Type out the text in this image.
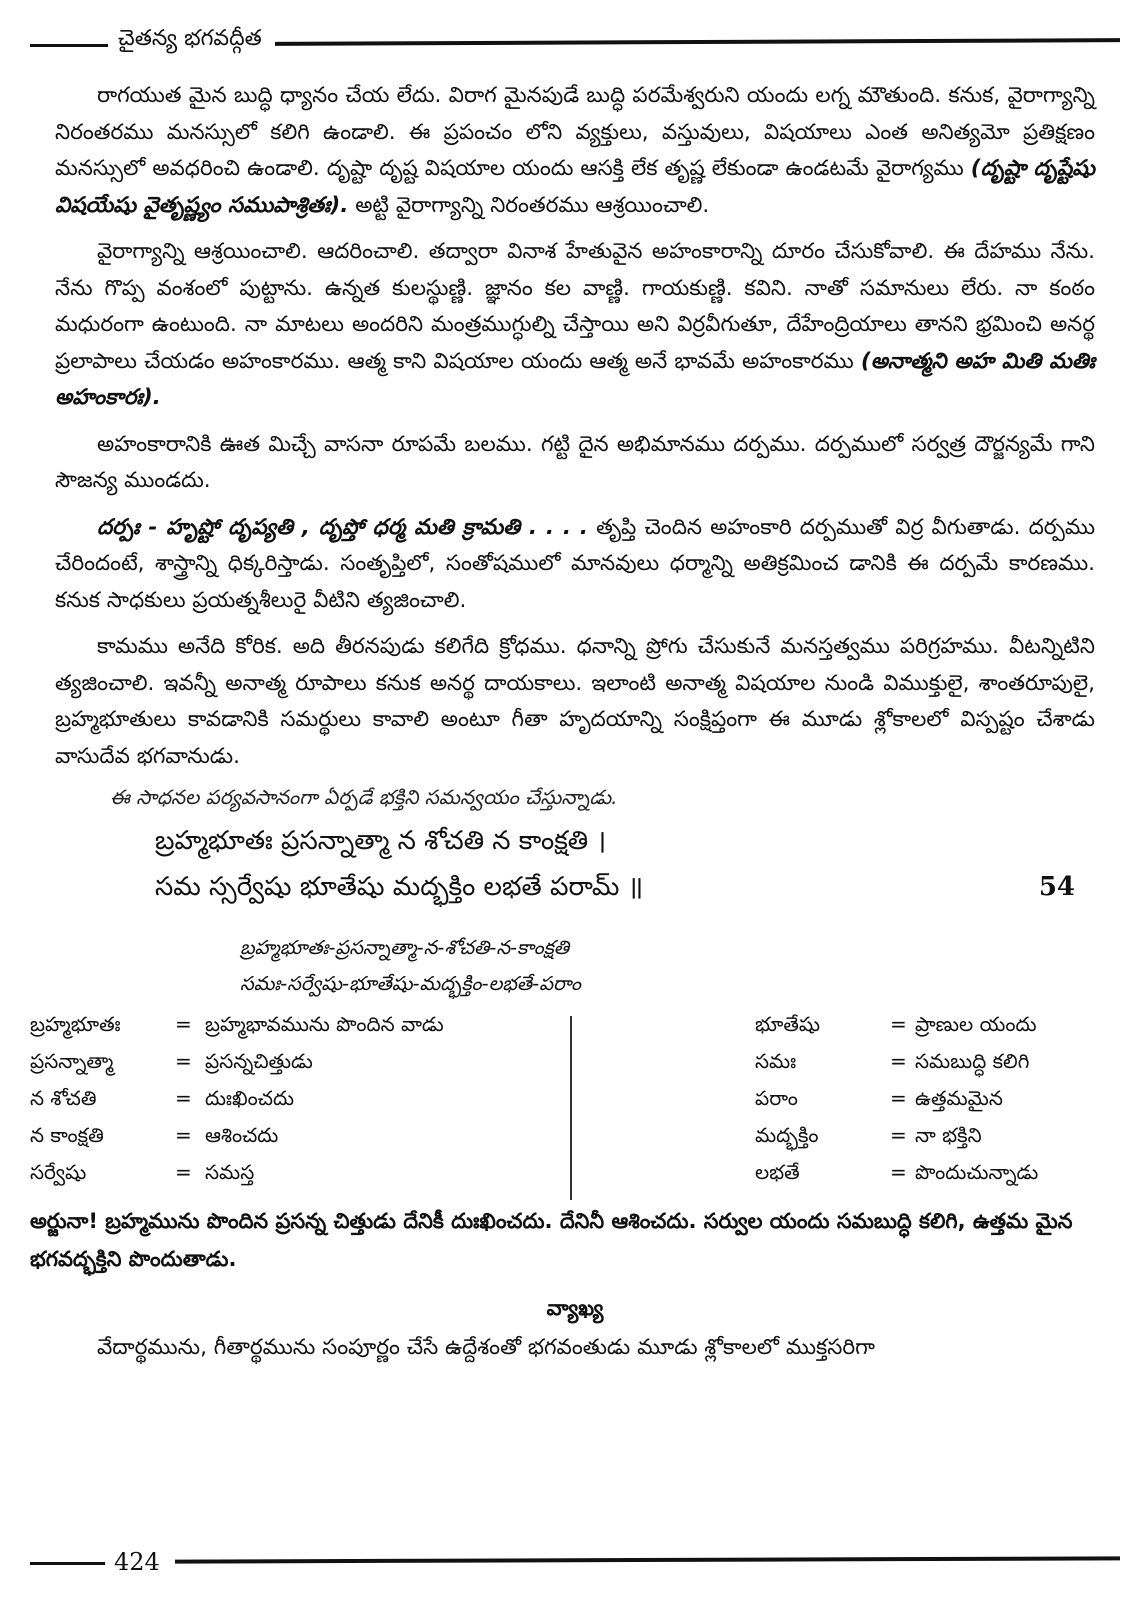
చైతన్య భగవద్గీత

రాగయుత మైన బుద్ధి ధ్యానం చేయ లేదు. విరాగ మైనపుడే బుద్ధి పరమేశ్వరుని యందు లగ్న మౌతుంది. కనుక, వైరాగ్యాన్ని నిరంతరము మనస్సులో కలిగి ఉండాలి. ఈ ప్రపంచం లోని వ్యక్తులు, వస్తువులు, విషయాలు ఎంత అనిత్యమో ప్రతిక్షణం మనస్సులో అవధరించి ఉండాలి. దృష్టా దృష్ట విషయాల యందు ఆసక్తి లేక తృష్ణ లేకుండా ఉండటమే వైరాగ్యము (దృష్టా దృష్టేషు విషయేషు వైతృష్ణ్యం సముపాశ్రితః). అట్టి వైరాగ్యాన్ని నిరంతరము ఆశ్రయించాలి.

వైరాగ్యాన్ని ఆశ్రయించాలి. ఆదరించాలి. తద్వారా వినాశ హేతువైన అహంకారాన్ని దూరం చేసుకోవాలి. ఈ దేహము నేను. నేను గొప్ప వంశంలో పుట్టాను. ఉన్నత కులస్థుణ్ణి. జ్ఞానం కల వాణ్ణి. గాయకుణ్ణి. కవిని. నాతో సమానులు లేరు. నా కంఠం మధురంగా ఉంటుంది. నా మాటలు అందరిని మంత్రముగ్ధుల్ని చేస్తాయి అని విర్రవీగుతూ, దేహేంద్రియాలు తానని భ్రమించి అనర్థ ప్రలాపాలు చేయడం అహంకారము. ఆత్మ కాని విషయాల యందు ఆత్మ అనే భావమే అహంకారము (అనాత్మని అహ మితి మతిః అహంకారః).

అహంకారానికి ఊత మిచ్చే వాసనా రూపమే బలము. గట్టి దైన అభిమానము దర్పము. దర్పములో సర్వత్ర దౌర్జన్యమే గాని సౌజన్య ముండదు.

దర్పః - హృష్టో దృప్యతి , దృప్తో ధర్మ మతి క్రామతి . . . . తృప్తి చెందిన అహంకారి దర్పముతో విర్ర వీగుతాడు. దర్పము చేరిందంటే, శాస్త్రాన్ని ధిక్కరిస్తాడు. సంతృప్తిలో, సంతోషములో మానవులు ధర్మాన్ని అతిక్రమించ డానికి ఈ దర్పమే కారణము. కనుక సాధకులు ప్రయత్నశీలురై వీటిని త్యజించాలి.

కామము అనేది కోరిక. అది తీరనపుడు కలిగేది క్రోధము. ధనాన్ని ప్రోగు చేసుకునే మనస్తత్వము పరిగ్రహము. వీటన్నిటిని త్యజించాలి. ఇవన్నీ అనాత్మ రూపాలు కనుక అనర్థ దాయకాలు. ఇలాంటి అనాత్మ విషయాల నుండి విముక్తులై, శాంతరూపులై, బ్రహ్మభూతులు కావడానికి సమర్థులు కావాలి అంటూ గీతా హృదయాన్ని సంక్షిప్తంగా ఈ మూడు శ్లోకాలలో విస్పష్టం చేశాడు వాసుదేవ భగవానుడు.

ఈ సాధనల పర్యవసానంగా ఏర్పడే భక్తిని సమన్వయం చేస్తున్నాడు.
బ్రహ్మభూతః ప్రసన్నాత్మా న శోచతి న కాంక్షతి ।
సమ స్సర్వేషు భూతేషు మద్భక్తిం లభతే పరామ్ ॥	54
బ్రహ్మభూతః-ప్రసన్నాత్మా-న-శోచతి-న-కాంక్షతి
సమః-సర్వేషు-భూతేషు-మద్భక్తిం-లభతే-పరాం
బ్రహ్మభూతః	= బ్రహ్మభావమును పొందిన వాడు
ప్రసన్నాత్మా	= ప్రసన్నచిత్తుడు
న శోచతి	= దుఃఖించదు
న కాంక్షతి	= ఆశించదు
సర్వేషు	= సమస్త
భూతేషు	= ప్రాణుల యందు
సమః	= సమబుద్ధి కలిగి
పరాం	= ఉత్తమమైన
మద్భక్తిం	= నా భక్తిని
లభతే	= పొందుచున్నాడు

అర్జునా! బ్రహ్మమును పొందిన ప్రసన్న చిత్తుడు దేనికీ దుఃఖించదు. దేనినీ ఆశించదు. సర్వుల యందు సమబుద్ధి కలిగి, ఉత్తమ మైన భగవద్భక్తిని పొందుతాడు.

వ్యాఖ్య

వేదార్థమును, గీతార్థమును సంపూర్ణం చేసే ఉద్దేశంతో భగవంతుడు మూడు శ్లోకాలలో ముక్తసరిగా

424
